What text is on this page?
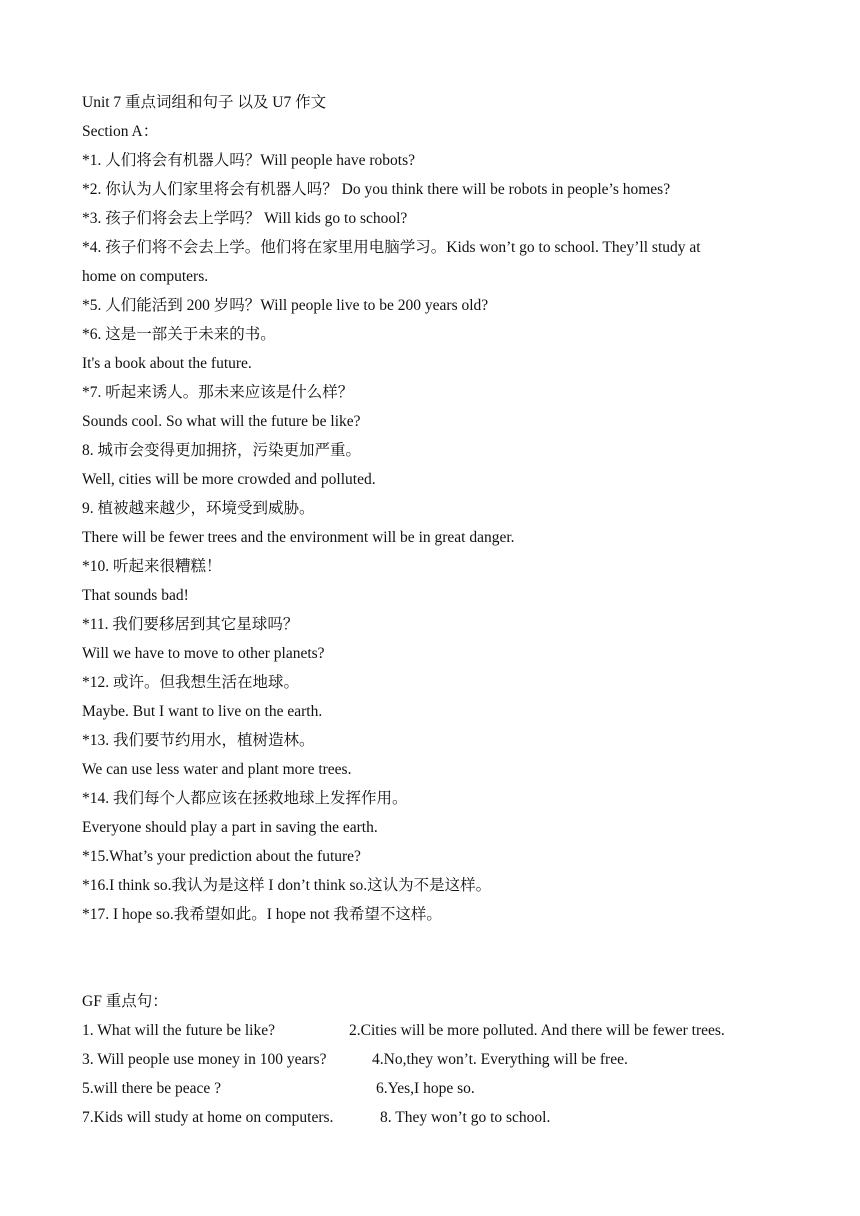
Unit 7 重点词组和句子 以及 U7 作文
Section A：
*1. 人们将会有机器人吗？Will people have robots?
*2. 你认为人们家里将会有机器人吗？ Do you think there will be robots in people’s homes?
*3. 孩子们将会去上学吗？ Will kids go to school?
*4. 孩子们将不会去上学。他们将在家里用电脑学习。Kids won’t go to school. They’ll study at
home on computers.
*5. 人们能活到 200 岁吗？Will people live to be 200 years old?
*6. 这是一部关于未来的书。
It's a book about the future.
*7. 听起来诱人。那未来应该是什么样？
Sounds cool. So what will the future be like?
8. 城市会变得更加拥挤，污染更加严重。
Well, cities will be more crowded and polluted.
9. 植被越来越少，环境受到威胁。
There will be fewer trees and the environment will be in great danger.
*10. 听起来很糟糕！
That sounds bad!
*11. 我们要移居到其它星球吗？
Will we have to move to other planets?
*12. 或许。但我想生活在地球。
Maybe. But I want to live on the earth.
*13. 我们要节约用水，植树造林。
We can use less water and plant more trees.
*14. 我们每个人都应该在拯救地球上发挥作用。
Everyone should play a part in saving the earth.
*15.What’s your prediction about the future?
*16.I think so.我认为是这样 I don’t think so.这认为不是这样。
*17. I hope so.我希望如此。I hope not 我希望不这样。
GF 重点句：
1. What will the future be like?	2.Cities will be more polluted. And there will be fewer trees.
3. Will people use money in 100 years?	4.No,they won’t. Everything will be free.
5.will there be peace ?	6.Yes,I hope so.
7.Kids will study at home on computers.	8. They won’t go to school.
